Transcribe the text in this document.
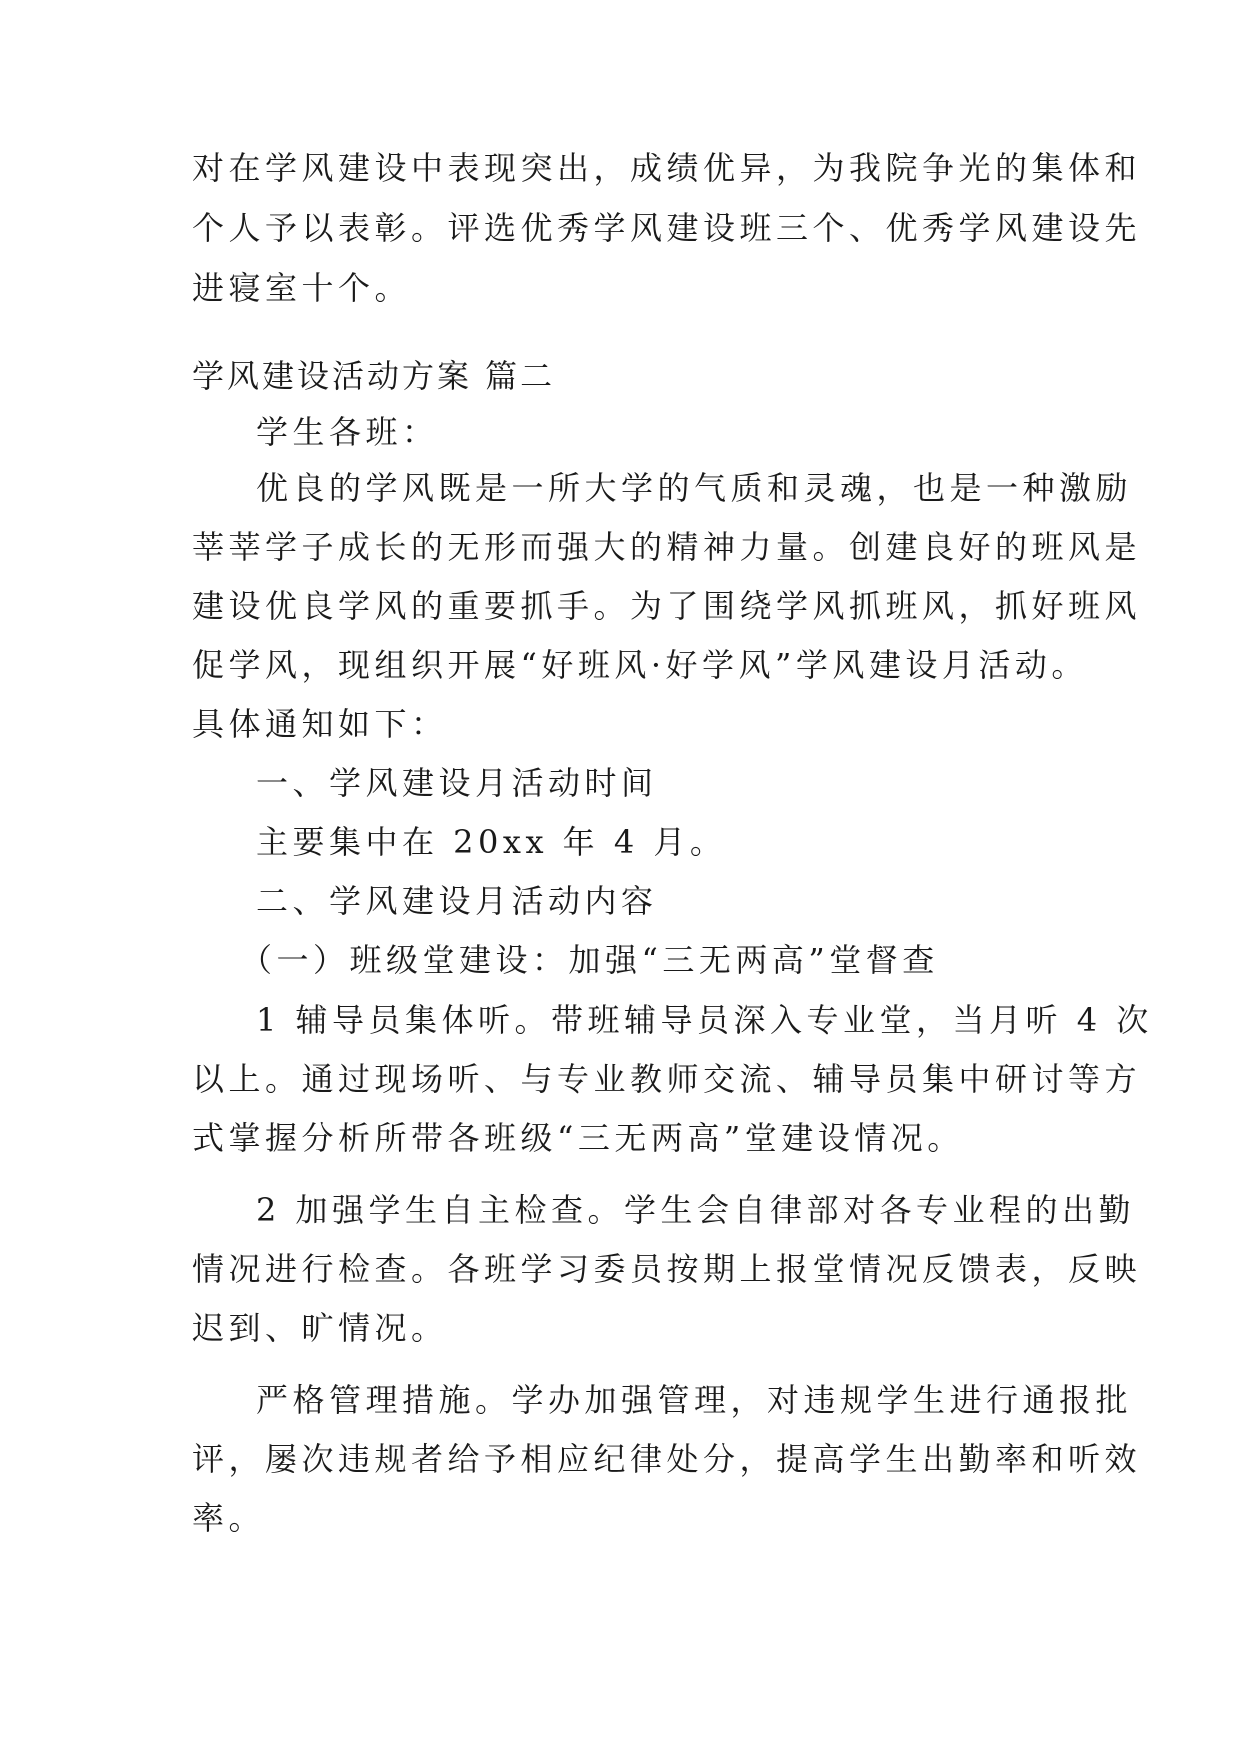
对在学风建设中表现突出，成绩优异，为我院争光的集体和
个人予以表彰。评选优秀学风建设班三个、优秀学风建设先
进寝室十个。
学风建设活动方案 篇二
学生各班：
优良的学风既是一所大学的气质和灵魂，也是一种激励
莘莘学子成长的无形而强大的精神力量。创建良好的班风是
建设优良学风的重要抓手。为了围绕学风抓班风，抓好班风
促学风，现组织开展“好班风·好学风”学风建设月活动。
具体通知如下：
一、学风建设月活动时间
主要集中在 20xx 年 4 月。
二、学风建设月活动内容
（一）班级堂建设：加强“三无两高”堂督查
1 辅导员集体听。带班辅导员深入专业堂，当月听 4 次
以上。通过现场听、与专业教师交流、辅导员集中研讨等方
式掌握分析所带各班级“三无两高”堂建设情况。
2 加强学生自主检查。学生会自律部对各专业程的出勤
情况进行检查。各班学习委员按期上报堂情况反馈表，反映
迟到、旷情况。
严格管理措施。学办加强管理，对违规学生进行通报批
评，屡次违规者给予相应纪律处分，提高学生出勤率和听效
率。
